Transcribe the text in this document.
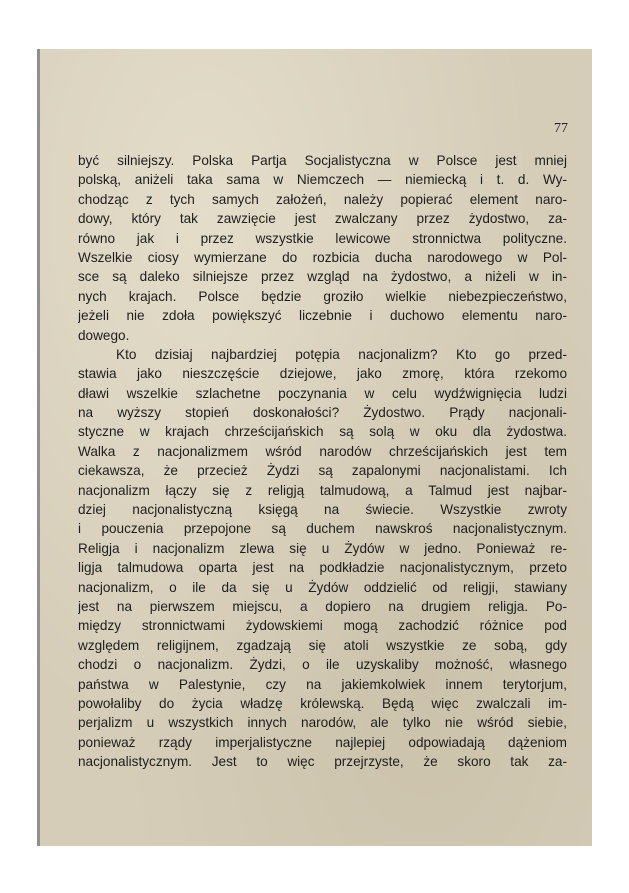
77
być silniejszy. Polska Partja Socjalistyczna w Polsce jest mniej
polską, aniżeli taka sama w Niemczech — niemiecką i t. d. Wy-
chodząc z tych samych założeń, należy popierać element naro-
dowy, który tak zawzięcie jest zwalczany przez żydostwo, za-
równo jak i przez wszystkie lewicowe stronnictwa polityczne.
Wszelkie ciosy wymierzane do rozbicia ducha narodowego w Pol-
sce są daleko silniejsze przez wzgląd na żydostwo, a niżeli w in-
nych krajach. Polsce będzie groziło wielkie niebezpieczeństwo,
jeżeli nie zdoła powiększyć liczebnie i duchowo elementu naro-
dowego.
Kto dzisiaj najbardziej potępia nacjonalizm? Kto go przed-
stawia jako nieszczęście dziejowe, jako zmorę, która rzekomo
dławi wszelkie szlachetne poczynania w celu wydźwignięcia ludzi
na wyższy stopień doskonałości? Żydostwo. Prądy nacjonali-
styczne w krajach chrześcijańskich są solą w oku dla żydostwa.
Walka z nacjonalizmem wśród narodów chrześcijańskich jest tem
ciekawsza, że przecież Żydzi są zapalonymi nacjonalistami. Ich
nacjonalizm łączy się z religją talmudową, a Talmud jest najbar-
dziej nacjonalistyczną księgą na świecie. Wszystkie zwroty
i pouczenia przepojone są duchem nawskroś nacjonalistycznym.
Religja i nacjonalizm zlewa się u Żydów w jedno. Ponieważ re-
ligja talmudowa oparta jest na podkładzie nacjonalistycznym, przeto
nacjonalizm, o ile da się u Żydów oddzielić od religji, stawiany
jest na pierwszem miejscu, a dopiero na drugiem religja. Po-
między stronnictwami żydowskiemi mogą zachodzić różnice pod
względem religijnem, zgadzają się atoli wszystkie ze sobą, gdy
chodzi o nacjonalizm. Żydzi, o ile uzyskaliby możność, własnego
państwa w Palestynie, czy na jakiemkolwiek innem terytorjum,
powołaliby do życia władzę królewską. Będą więc zwalczali im-
perjalizm u wszystkich innych narodów, ale tylko nie wśród siebie,
ponieważ rządy imperjalistyczne najlepiej odpowiadają dążeniom
nacjonalistycznym. Jest to więc przejrzyste, że skoro tak za-
